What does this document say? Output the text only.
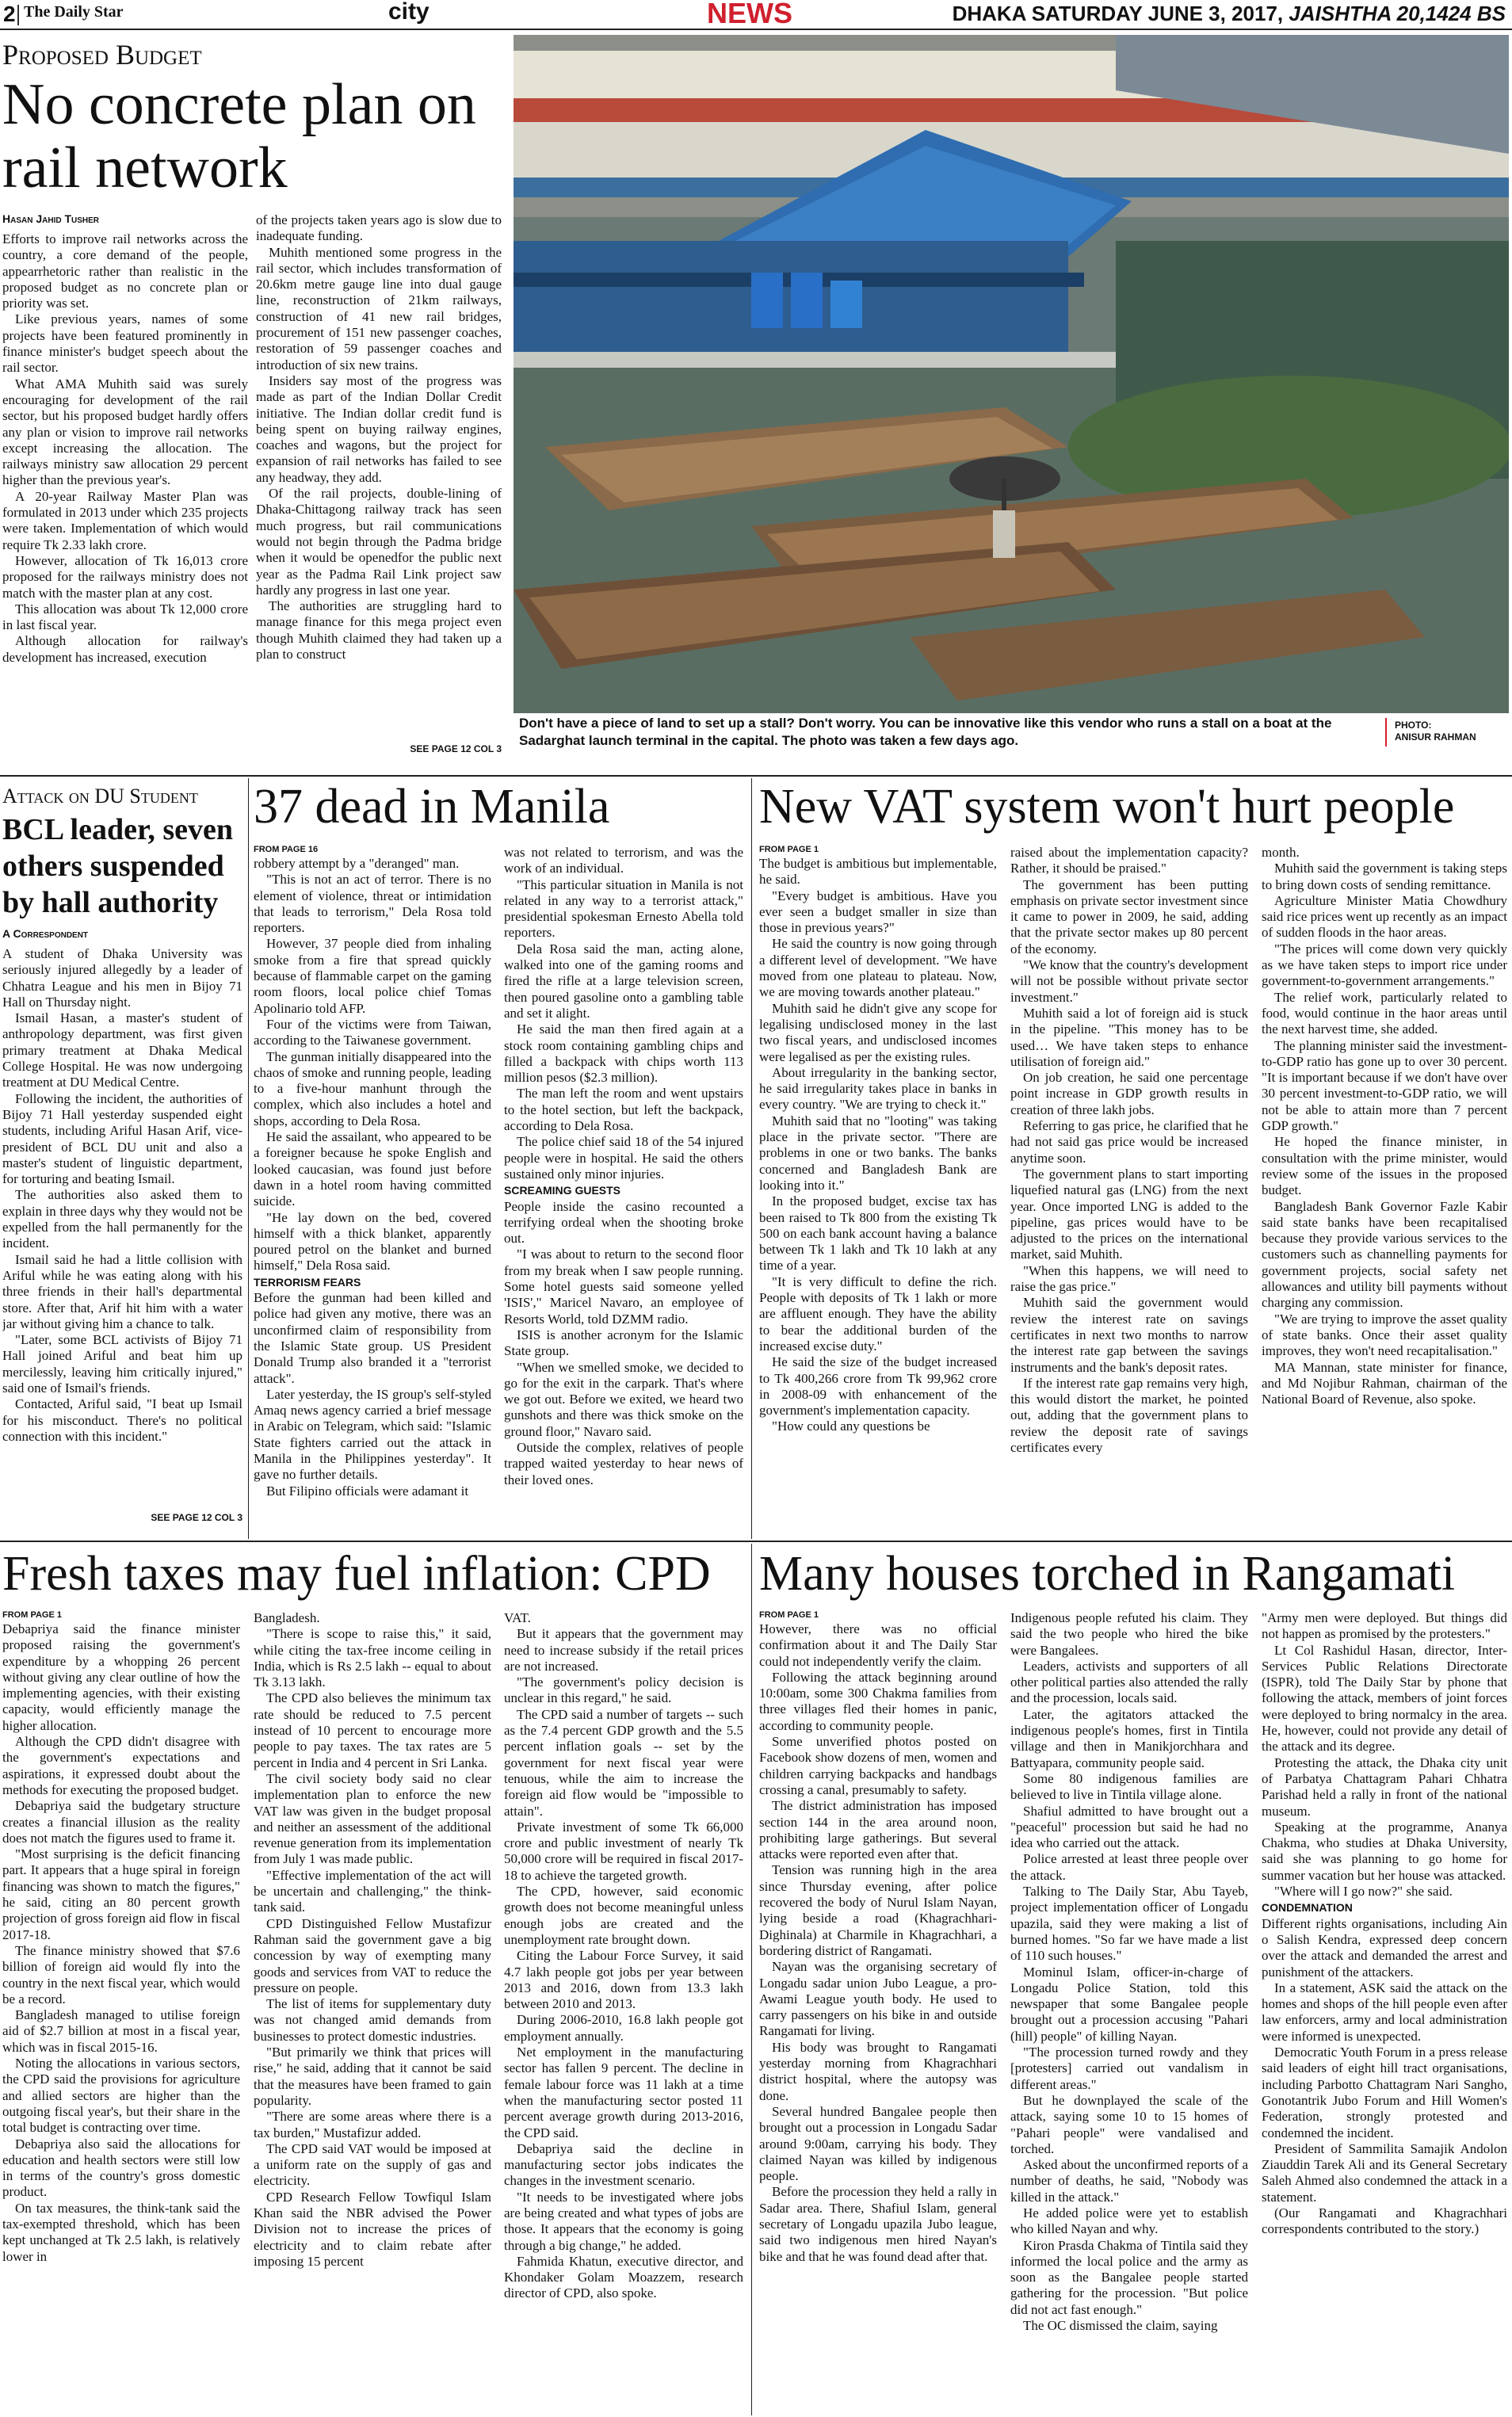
2 The Daily Star	city	NEWS	DHAKA SATURDAY JUNE 3, 2017, JAISHTHA 20,1424 BS
Proposed Budget
No concrete plan on rail network
Hasan Jahid Tusher

Efforts to improve rail networks across the country, a core demand of the people, appearrhetoric rather than realistic in the proposed budget as no concrete plan or priority was set.

Like previous years, names of some projects have been featured prominently in finance minister's budget speech about the rail sector.

What AMA Muhith said was surely encouraging for development of the rail sector, but his proposed budget hardly offers any plan or vision to improve rail networks except increasing the allocation. The railways ministry saw allocation 29 percent higher than the previous year's.

A 20-year Railway Master Plan was formulated in 2013 under which 235 projects were taken. Implementation of which would require Tk 2.33 lakh crore.

However, allocation of Tk 16,013 crore proposed for the railways ministry does not match with the master plan at any cost.

This allocation was about Tk 12,000 crore in last fiscal year.

Although allocation for railway's development has increased, execution

of the projects taken years ago is slow due to inadequate funding.

Muhith mentioned some progress in the rail sector, which includes transformation of 20.6km metre gauge line into dual gauge line, reconstruction of 21km railways, construction of 41 new rail bridges, procurement of 151 new passenger coaches, restoration of 59 passenger coaches and introduction of six new trains.

Insiders say most of the progress was made as part of the Indian Dollar Credit initiative. The Indian dollar credit fund is being spent on buying railway engines, coaches and wagons, but the project for expansion of rail networks has failed to see any headway, they add.

Of the rail projects, double-lining of Dhaka-Chittagong railway track has seen much progress, but rail communications would not begin through the Padma bridge when it would be openedfor the public next year as the Padma Rail Link project saw hardly any progress in last one year.

The authorities are struggling hard to manage finance for this mega project even though Muhith claimed they had taken up a plan to construct

SEE PAGE 12 COL 3
Don't have a piece of land to set up a stall? Don't worry. You can be innovative like this vendor who runs a stall on a boat at the Sadarghat launch terminal in the capital. The photo was taken a few days ago.
PHOTO:
ANISUR RAHMAN
Attack on DU Student
BCL leader, seven others suspended by hall authority
A Correspondent

A student of Dhaka University was seriously injured allegedly by a leader of Chhatra League and his men in Bijoy 71 Hall on Thursday night.

Ismail Hasan, a master's student of anthropology department, was first given primary treatment at Dhaka Medical College Hospital. He was now undergoing treatment at DU Medical Centre.

Following the incident, the authorities of Bijoy 71 Hall yesterday suspended eight students, including Ariful Hasan Arif, vice-president of BCL DU unit and also a master's student of linguistic department, for torturing and beating Ismail.

The authorities also asked them to explain in three days why they would not be expelled from the hall permanently for the incident.

Ismail said he had a little collision with Ariful while he was eating along with his three friends in their hall's departmental store. After that, Arif hit him with a water jar without giving him a chance to talk.

"Later, some BCL activists of Bijoy 71 Hall joined Ariful and beat him up mercilessly, leaving him critically injured," said one of Ismail's friends.

Contacted, Ariful said, "I beat up Ismail for his misconduct. There's no political connection with this incident."

SEE PAGE 12 COL 3
37 dead in Manila
FROM PAGE 16

robbery attempt by a "deranged" man.

"This is not an act of terror. There is no element of violence, threat or intimidation that leads to terrorism," Dela Rosa told reporters.

However, 37 people died from inhaling smoke from a fire that spread quickly because of flammable carpet on the gaming room floors, local police chief Tomas Apolinario told AFP.

Four of the victims were from Taiwan, according to the Taiwanese government.

The gunman initially disappeared into the chaos of smoke and running people, leading to a five-hour manhunt through the complex, which also includes a hotel and shops, according to Dela Rosa.

He said the assailant, who appeared to be a foreigner because he spoke English and looked caucasian, was found just before dawn in a hotel room having committed suicide.

"He lay down on the bed, covered himself with a thick blanket, apparently poured petrol on the blanket and burned himself," Dela Rosa said.

TERRORISM FEARS

Before the gunman had been killed and police had given any motive, there was an unconfirmed claim of responsibility from the Islamic State group. US President Donald Trump also branded it a "terrorist attack".

Later yesterday, the IS group's self-styled Amaq news agency carried a brief message in Arabic on Telegram, which said: "Islamic State fighters carried out the attack in Manila in the Philippines yesterday". It gave no further details.

But Filipino officials were adamant it

was not related to terrorism, and was the work of an individual.

"This particular situation in Manila is not related in any way to a terrorist attack," presidential spokesman Ernesto Abella told reporters.

Dela Rosa said the man, acting alone, walked into one of the gaming rooms and fired the rifle at a large television screen, then poured gasoline onto a gambling table and set it alight.

He said the man then fired again at a stock room containing gambling chips and filled a backpack with chips worth 113 million pesos ($2.3 million).

The man left the room and went upstairs to the hotel section, but left the backpack, according to Dela Rosa.

The police chief said 18 of the 54 injured people were in hospital. He said the others sustained only minor injuries.

SCREAMING GUESTS

People inside the casino recounted a terrifying ordeal when the shooting broke out.

"I was about to return to the second floor from my break when I saw people running. Some hotel guests said someone yelled 'ISIS'," Maricel Navaro, an employee of Resorts World, told DZMM radio.

ISIS is another acronym for the Islamic State group.

"When we smelled smoke, we decided to go for the exit in the carpark. That's where we got out. Before we exited, we heard two gunshots and there was thick smoke on the ground floor," Navaro said.

Outside the complex, relatives of people trapped waited yesterday to hear news of their loved ones.

New VAT system won't hurt people
FROM PAGE 1

The budget is ambitious but implementable, he said.

"Every budget is ambitious. Have you ever seen a budget smaller in size than those in previous years?"

He said the country is now going through a different level of development. "We have moved from one plateau to plateau. Now, we are moving towards another plateau."

Muhith said he didn't give any scope for legalising undisclosed money in the last two fiscal years, and undisclosed incomes were legalised as per the existing rules.

About irregularity in the banking sector, he said irregularity takes place in banks in every country. "We are trying to check it."

Muhith said that no "looting" was taking place in the private sector. "There are problems in one or two banks. The banks concerned and Bangladesh Bank are looking into it."

In the proposed budget, excise tax has been raised to Tk 800 from the existing Tk 500 on each bank account having a balance between Tk 1 lakh and Tk 10 lakh at any time of a year.

"It is very difficult to define the rich. People with deposits of Tk 1 lakh or more are affluent enough. They have the ability to bear the additional burden of the increased excise duty."

He said the size of the budget increased to Tk 400,266 crore from Tk 99,962 crore in 2008-09 with enhancement of the government's implementation capacity.

"How could any questions be

raised about the implementation capacity? Rather, it should be praised."

The government has been putting emphasis on private sector investment since it came to power in 2009, he said, adding that the private sector makes up 80 percent of the economy.

"We know that the country's development will not be possible without private sector investment."

Muhith said a lot of foreign aid is stuck in the pipeline. "This money has to be used… We have taken steps to enhance utilisation of foreign aid."

On job creation, he said one percentage point increase in GDP growth results in creation of three lakh jobs.

Referring to gas price, he clarified that he had not said gas price would be increased anytime soon.

The government plans to start importing liquefied natural gas (LNG) from the next year. Once imported LNG is added to the pipeline, gas prices would have to be adjusted to the prices on the international market, said Muhith.

"When this happens, we will need to raise the gas price."

Muhith said the government would review the interest rate on savings certificates in next two months to narrow the interest rate gap between the savings instruments and the bank's deposit rates.

If the interest rate gap remains very high, this would distort the market, he pointed out, adding that the government plans to review the deposit rate of savings certificates every

month.

Muhith said the government is taking steps to bring down costs of sending remittance.

Agriculture Minister Matia Chowdhury said rice prices went up recently as an impact of sudden floods in the haor areas.

"The prices will come down very quickly as we have taken steps to import rice under government-to-government arrangements."

The relief work, particularly related to food, would continue in the haor areas until the next harvest time, she added.

The planning minister said the investment-to-GDP ratio has gone up to over 30 percent. "It is important because if we don't have over 30 percent investment-to-GDP ratio, we will not be able to attain more than 7 percent GDP growth."

He hoped the finance minister, in consultation with the prime minister, would review some of the issues in the proposed budget.

Bangladesh Bank Governor Fazle Kabir said state banks have been recapitalised because they provide various services to the customers such as channelling payments for government projects, social safety net allowances and utility bill payments without charging any commission.

"We are trying to improve the asset quality of state banks. Once their asset quality improves, they won't need recapitalisation."

MA Mannan, state minister for finance, and Md Nojibur Rahman, chairman of the National Board of Revenue, also spoke.

Fresh taxes may fuel inflation: CPD
FROM PAGE 1

Debapriya said the finance minister proposed raising the government's expenditure by a whopping 26 percent without giving any clear outline of how the implementing agencies, with their existing capacity, would efficiently manage the higher allocation.

Although the CPD didn't disagree with the government's expectations and aspirations, it expressed doubt about the methods for executing the proposed budget.

Debapriya said the budgetary structure creates a financial illusion as the reality does not match the figures used to frame it.

"Most surprising is the deficit financing part. It appears that a huge spiral in foreign financing was shown to match the figures," he said, citing an 80 percent growth projection of gross foreign aid flow in fiscal 2017-18.

The finance ministry showed that $7.6 billion of foreign aid would fly into the country in the next fiscal year, which would be a record.

Bangladesh managed to utilise foreign aid of $2.7 billion at most in a fiscal year, which was in fiscal 2015-16.

Noting the allocations in various sectors, the CPD said the provisions for agriculture and allied sectors are higher than the outgoing fiscal year's, but their share in the total budget is contracting over time.

Debapriya also said the allocations for education and health sectors were still low in terms of the country's gross domestic product.

On tax measures, the think-tank said the tax-exempted threshold, which has been kept unchanged at Tk 2.5 lakh, is relatively lower in

Bangladesh.

"There is scope to raise this," it said, while citing the tax-free income ceiling in India, which is Rs 2.5 lakh -- equal to about Tk 3.13 lakh.

The CPD also believes the minimum tax rate should be reduced to 7.5 percent instead of 10 percent to encourage more people to pay taxes. The tax rates are 5 percent in India and 4 percent in Sri Lanka.

The civil society body said no clear implementation plan to enforce the new VAT law was given in the budget proposal and neither an assessment of the additional revenue generation from its implementation from July 1 was made public.

"Effective implementation of the act will be uncertain and challenging," the think-tank said.

CPD Distinguished Fellow Mustafizur Rahman said the government gave a big concession by way of exempting many goods and services from VAT to reduce the pressure on people.

The list of items for supplementary duty was not changed amid demands from businesses to protect domestic industries.

"But primarily we think that prices will rise," he said, adding that it cannot be said that the measures have been framed to gain popularity.

"There are some areas where there is a tax burden," Mustafizur added.

The CPD said VAT would be imposed at a uniform rate on the supply of gas and electricity.

CPD Research Fellow Towfiqul Islam Khan said the NBR advised the Power Division not to increase the prices of electricity and to claim rebate after imposing 15 percent

VAT.

But it appears that the government may need to increase subsidy if the retail prices are not increased.

"The government's policy decision is unclear in this regard," he said.

The CPD said a number of targets -- such as the 7.4 percent GDP growth and the 5.5 percent inflation goals -- set by the government for next fiscal year were tenuous, while the aim to increase the foreign aid flow would be "impossible to attain".

Private investment of some Tk 66,000 crore and public investment of nearly Tk 50,000 crore will be required in fiscal 2017-18 to achieve the targeted growth.

The CPD, however, said economic growth does not become meaningful unless enough jobs are created and the unemployment rate brought down.

Citing the Labour Force Survey, it said 4.7 lakh people got jobs per year between 2013 and 2016, down from 13.3 lakh between 2010 and 2013.

During 2006-2010, 16.8 lakh people got employment annually.

Net employment in the manufacturing sector has fallen 9 percent. The decline in female labour force was 11 lakh at a time when the manufacturing sector posted 11 percent average growth during 2013-2016, the CPD said.

Debapriya said the decline in manufacturing sector jobs indicates the changes in the investment scenario.

"It needs to be investigated where jobs are being created and what types of jobs are those. It appears that the economy is going through a big change," he added.

Fahmida Khatun, executive director, and Khondaker Golam Moazzem, research director of CPD, also spoke.

Many houses torched in Rangamati
FROM PAGE 1

However, there was no official confirmation about it and The Daily Star could not independently verify the claim.

Following the attack beginning around 10:00am, some 300 Chakma families from three villages fled their homes in panic, according to community people.

Some unverified photos posted on Facebook show dozens of men, women and children carrying backpacks and handbags crossing a canal, presumably to safety.

The district administration has imposed section 144 in the area around noon, prohibiting large gatherings. But several attacks were reported even after that.

Tension was running high in the area since Thursday evening, after police recovered the body of Nurul Islam Nayan, lying beside a road (Khagrachhari-Dighinala) at Charmile in Khagrachhari, a bordering district of Rangamati.

Nayan was the organising secretary of Longadu sadar union Jubo League, a pro-Awami League youth body. He used to carry passengers on his bike in and outside Rangamati for living.

His body was brought to Rangamati yesterday morning from Khagrachhari district hospital, where the autopsy was done.

Several hundred Bangalee people then brought out a procession in Longadu Sadar around 9:00am, carrying his body. They claimed Nayan was killed by indigenous people.

Before the procession they held a rally in Sadar area. There, Shafiul Islam, general secretary of Longadu upazila Jubo league, said two indigenous men hired Nayan's bike and that he was found dead after that.

Indigenous people refuted his claim. They said the two people who hired the bike were Bangalees.

Leaders, activists and supporters of all other political parties also attended the rally and the procession, locals said.

Later, the agitators attacked the indigenous people's homes, first in Tintila village and then in Manikjorchhara and Battyapara, community people said.

Some 80 indigenous families are believed to live in Tintila village alone.

Shafiul admitted to have brought out a "peaceful" procession but said he had no idea who carried out the attack.

Police arrested at least three people over the attack.

Talking to The Daily Star, Abu Tayeb, project implementation officer of Longadu upazila, said they were making a list of burned homes. "So far we have made a list of 110 such houses."

Mominul Islam, officer-in-charge of Longadu Police Station, told this newspaper that some Bangalee people brought out a procession accusing "Pahari (hill) people" of killing Nayan.

"The procession turned rowdy and they [protesters] carried out vandalism in different areas."

But he downplayed the scale of the attack, saying some 10 to 15 homes of "Pahari people" were vandalised and torched.

Asked about the unconfirmed reports of a number of deaths, he said, "Nobody was killed in the attack."

He added police were yet to establish who killed Nayan and why.

Kiron Prasda Chakma of Tintila said they informed the local police and the army as soon as the Bangalee people started gathering for the procession. "But police did not act fast enough."

The OC dismissed the claim, saying

"Army men were deployed. But things did not happen as promised by the protesters."

Lt Col Rashidul Hasan, director, Inter-Services Public Relations Directorate (ISPR), told The Daily Star by phone that following the attack, members of joint forces were deployed to bring normalcy in the area. He, however, could not provide any detail of the attack and its degree.

Protesting the attack, the Dhaka city unit of Parbatya Chattagram Pahari Chhatra Parishad held a rally in front of the national museum.

Speaking at the programme, Ananya Chakma, who studies at Dhaka University, said she was planning to go home for summer vacation but her house was attacked.

"Where will I go now?" she said.

CONDEMNATION

Different rights organisations, including Ain o Salish Kendra, expressed deep concern over the attack and demanded the arrest and punishment of the attackers.

In a statement, ASK said the attack on the homes and shops of the hill people even after law enforcers, army and local administration were informed is unexpected.

Democratic Youth Forum in a press release said leaders of eight hill tract organisations, including Parbotto Chattagram Nari Sangho, Gonotantrik Jubo Forum and Hill Women's Federation, strongly protested and condemned the incident.

President of Sammilita Samajik Andolon Ziauddin Tarek Ali and its General Secretary Saleh Ahmed also condemned the attack in a statement.

(Our Rangamati and Khagrachhari correspondents contributed to the story.)
